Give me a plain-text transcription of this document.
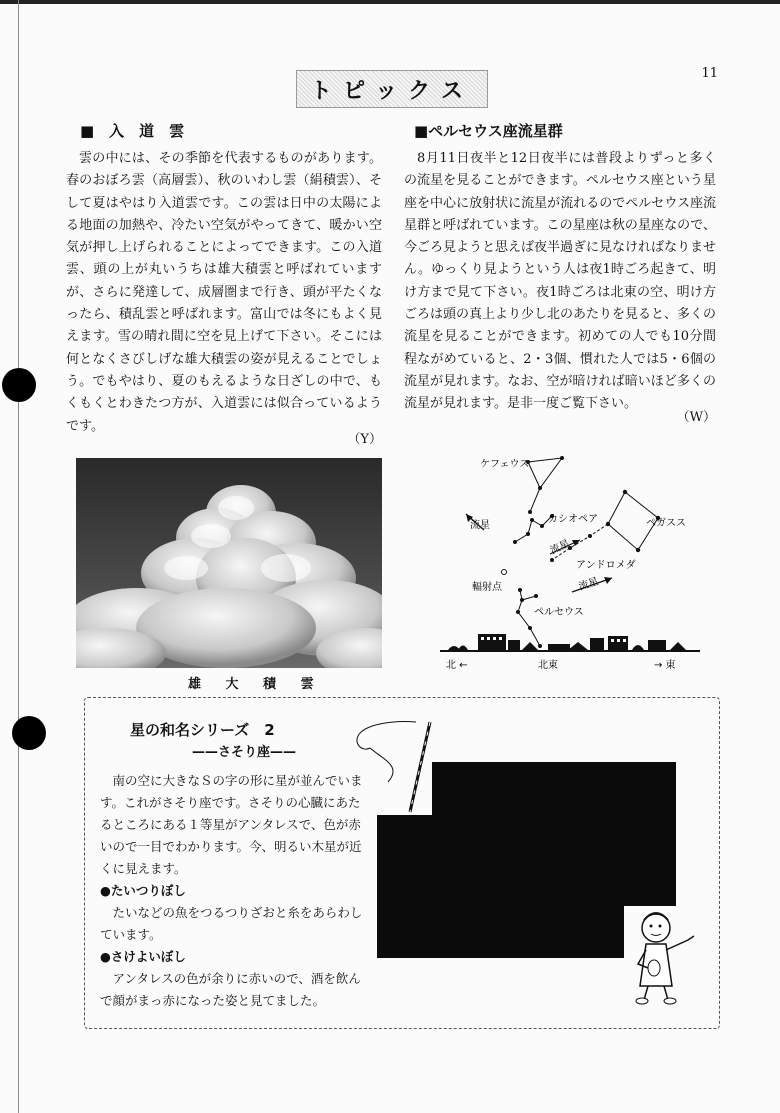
11
トピックス
■　入　道　雲

雲の中には、その季節を代表するものがあります。春のおぼろ雲（高層雲）、秋のいわし雲（絹積雲）、そして夏はやはり入道雲です。この雲は日中の太陽による地面の加熱や、冷たい空気がやってきて、暖かい空気が押し上げられることによってできます。この入道雲、頭の上が丸いうちは雄大積雲と呼ばれていますが、さらに発達して、成層圏まで行き、頭が平たくなったら、積乱雲と呼ばれます。富山では冬にもよく見えます。雪の晴れ間に空を見上げて下さい。そこには何となくさびしげな雄大積雲の姿が見えることでしょう。でもやはり、夏のもえるような日ざしの中で、もくもくとわきたつ方が、入道雲には似合っているようです。

（Y）
雄 大 積 雲
■ペルセウス座流星群

8月11日夜半と12日夜半には普段よりずっと多くの流星を見ることができます。ペルセウス座という星座を中心に放射状に流星が流れるのでペルセウス座流星群と呼ばれています。この星座は秋の星座なので、今ごろ見ようと思えば夜半過ぎに見なければなりません。ゆっくり見ようという人は夜1時ごろ起きて、明け方まで見て下さい。夜1時ごろは北東の空、明け方ごろは頭の真上より少し北のあたりを見ると、多くの流星を見ることができます。初めての人でも10分間程ながめていると、2・3個、慣れた人では5・6個の流星が見れます。なお、空が暗ければ暗いほど多くの流星が見れます。是非一度ご覧下さい。

（W）
ケフェウス
カシオペア	ペガスス
アンドロメダ
ペルセウス
輻射点
流星
流星
流星
北 ←	北東	→ 東
星の和名シリーズ　2
——さそり座——

南の空に大きなＳの字の形に星が並んでいます。これがさそり座です。さそりの心臓にあたるところにある１等星がアンタレスで、色が赤いので一目でわかります。今、明るい木星が近くに見えます。

●たいつりぼし

たいなどの魚をつるつりざおと糸をあらわしています。

●さけよいぼし

アンタレスの色が余りに赤いので、酒を飲んで顔がまっ赤になった姿と見てました。
